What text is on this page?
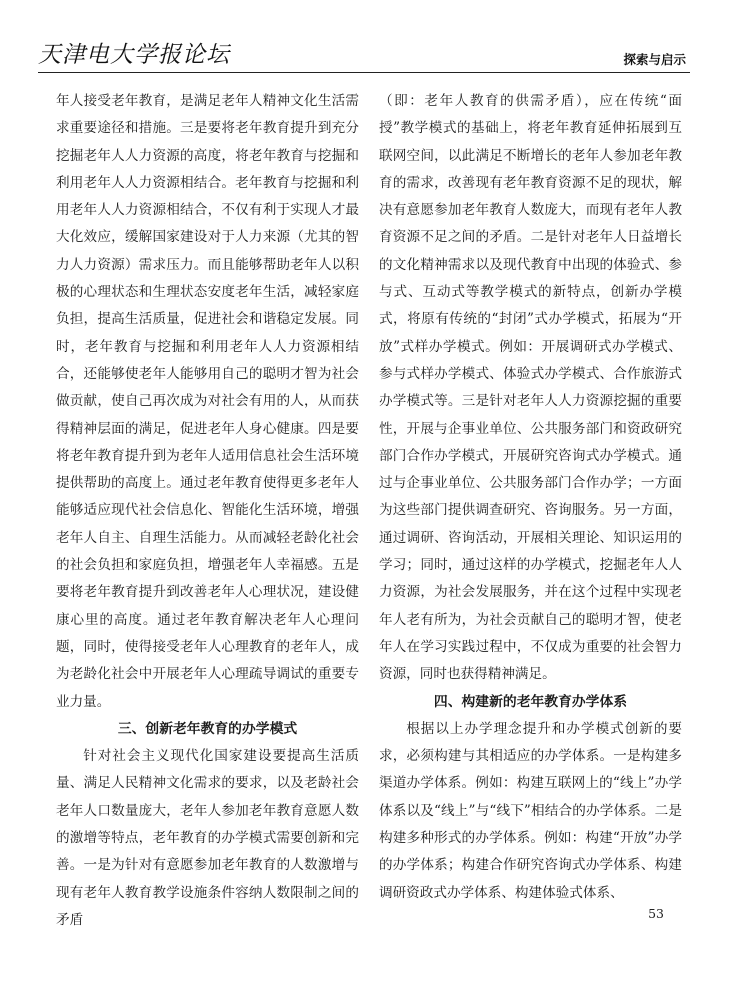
天津电大学报论坛	探索与启示

年人接受老年教育，是满足老年人精神文化生活需求重要途径和措施。三是要将老年教育提升到充分挖掘老年人人力资源的高度，将老年教育与挖掘和利用老年人人力资源相结合。老年教育与挖掘和利用老年人人力资源相结合，不仅有利于实现人才最大化效应，缓解国家建设对于人力来源（尤其的智力人力资源）需求压力。而且能够帮助老年人以积极的心理状态和生理状态安度老年生活，减轻家庭负担，提高生活质量，促进社会和谐稳定发展。同时，老年教育与挖掘和利用老年人人力资源相结合，还能够使老年人能够用自己的聪明才智为社会做贡献，使自己再次成为对社会有用的人，从而获得精神层面的满足，促进老年人身心健康。四是要将老年教育提升到为老年人适用信息社会生活环境提供帮助的高度上。通过老年教育使得更多老年人能够适应现代社会信息化、智能化生活环境，增强老年人自主、自理生活能力。从而减轻老龄化社会的社会负担和家庭负担，增强老年人幸福感。五是要将老年教育提升到改善老年人心理状况，建设健康心里的高度。通过老年教育解决老年人心理问题，同时，使得接受老年人心理教育的老年人，成为老龄化社会中开展老年人心理疏导调试的重要专业力量。

三、创新老年教育的办学模式

针对社会主义现代化国家建设要提高生活质量、满足人民精神文化需求的要求，以及老龄社会老年人口数量庞大，老年人参加老年教育意愿人数的激增等特点，老年教育的办学模式需要创新和完善。一是为针对有意愿参加老年教育的人数激增与现有老年人教育教学设施条件容纳人数限制之间的矛盾

（即：老年人教育的供需矛盾），应在传统“面授”教学模式的基础上，将老年教育延伸拓展到互联网空间，以此满足不断增长的老年人参加老年教育的需求，改善现有老年教育资源不足的现状，解决有意愿参加老年教育人数庞大，而现有老年人教育资源不足之间的矛盾。二是针对老年人日益增长的文化精神需求以及现代教育中出现的体验式、参与式、互动式等教学模式的新特点，创新办学模式，将原有传统的“封闭”式办学模式，拓展为“开放”式样办学模式。例如：开展调研式办学模式、参与式样办学模式、体验式办学模式、合作旅游式办学模式等。三是针对老年人人力资源挖掘的重要性，开展与企事业单位、公共服务部门和资政研究部门合作办学模式，开展研究咨询式办学模式。通过与企事业单位、公共服务部门合作办学；一方面为这些部门提供调查研究、咨询服务。另一方面，通过调研、咨询活动，开展相关理论、知识运用的学习；同时，通过这样的办学模式，挖掘老年人人力资源，为社会发展服务，并在这个过程中实现老年人老有所为，为社会贡献自己的聪明才智，使老年人在学习实践过程中，不仅成为重要的社会智力资源，同时也获得精神满足。

四、构建新的老年教育办学体系

根据以上办学理念提升和办学模式创新的要求，必须构建与其相适应的办学体系。一是构建多渠道办学体系。例如：构建互联网上的“线上”办学体系以及“线上”与“线下”相结合的办学体系。二是构建多种形式的办学体系。例如：构建“开放”办学的办学体系；构建合作研究咨询式办学体系、构建调研资政式办学体系、构建体验式体系、

53
